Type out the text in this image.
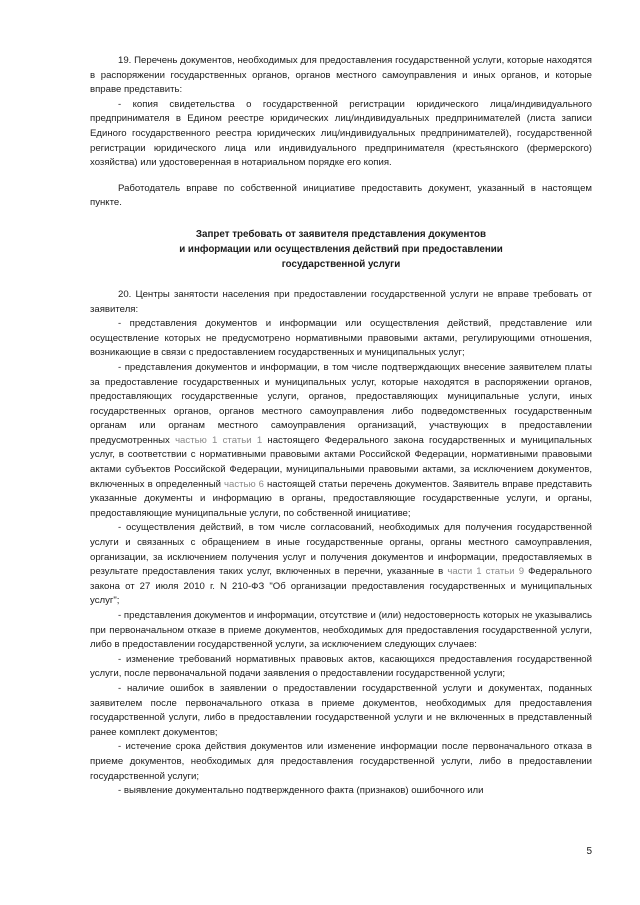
19. Перечень документов, необходимых для предоставления государственной услуги, которые находятся в распоряжении государственных органов, органов местного самоуправления и иных органов, и которые вправе представить:

- копия свидетельства о государственной регистрации юридического лица/индивидуального предпринимателя в Едином реестре юридических лиц/индивидуальных предпринимателей (листа записи Единого государственного реестра юридических лиц/индивидуальных предпринимателей), государственной регистрации юридического лица или индивидуального предпринимателя (крестьянского (фермерского) хозяйства) или удостоверенная в нотариальном порядке его копия.

Работодатель вправе по собственной инициативе предоставить документ, указанный в настоящем пункте.

Запрет требовать от заявителя представления документов

и информации или осуществления действий при предоставлении

государственной услуги

20. Центры занятости населения при предоставлении государственной услуги не вправе требовать от заявителя:

- представления документов и информации или осуществления действий, представление или осуществление которых не предусмотрено нормативными правовыми актами, регулирующими отношения, возникающие в связи с предоставлением государственных и муниципальных услуг;

- представления документов и информации, в том числе подтверждающих внесение заявителем платы за предоставление государственных и муниципальных услуг, которые находятся в распоряжении органов, предоставляющих государственные услуги, органов, предоставляющих муниципальные услуги, иных государственных органов, органов местного самоуправления либо подведомственных государственным органам или органам местного самоуправления организаций, участвующих в предоставлении предусмотренных частью 1 статьи 1 настоящего Федерального закона государственных и муниципальных услуг, в соответствии с нормативными правовыми актами Российской Федерации, нормативными правовыми актами субъектов Российской Федерации, муниципальными правовыми актами, за исключением документов, включенных в определенный частью 6 настоящей статьи перечень документов. Заявитель вправе представить указанные документы и информацию в органы, предоставляющие государственные услуги, и органы, предоставляющие муниципальные услуги, по собственной инициативе;

- осуществления действий, в том числе согласований, необходимых для получения государственной услуги и связанных с обращением в иные государственные органы, органы местного самоуправления, организации, за исключением получения услуг и получения документов и информации, предоставляемых в результате предоставления таких услуг, включенных в перечни, указанные в части 1 статьи 9 Федерального закона от 27 июля 2010 г. N 210-ФЗ "Об организации предоставления государственных и муниципальных услуг";

- представления документов и информации, отсутствие и (или) недостоверность которых не указывались при первоначальном отказе в приеме документов, необходимых для предоставления государственной услуги, либо в предоставлении государственной услуги, за исключением следующих случаев:

- изменение требований нормативных правовых актов, касающихся предоставления государственной услуги, после первоначальной подачи заявления о предоставлении государственной услуги;

- наличие ошибок в заявлении о предоставлении государственной услуги и документах, поданных заявителем после первоначального отказа в приеме документов, необходимых для предоставления государственной услуги, либо в предоставлении государственной услуги и не включенных в представленный ранее комплект документов;

- истечение срока действия документов или изменение информации после первоначального отказа в приеме документов, необходимых для предоставления государственной услуги, либо в предоставлении государственной услуги;

- выявление документально подтвержденного факта (признаков) ошибочного или

5
